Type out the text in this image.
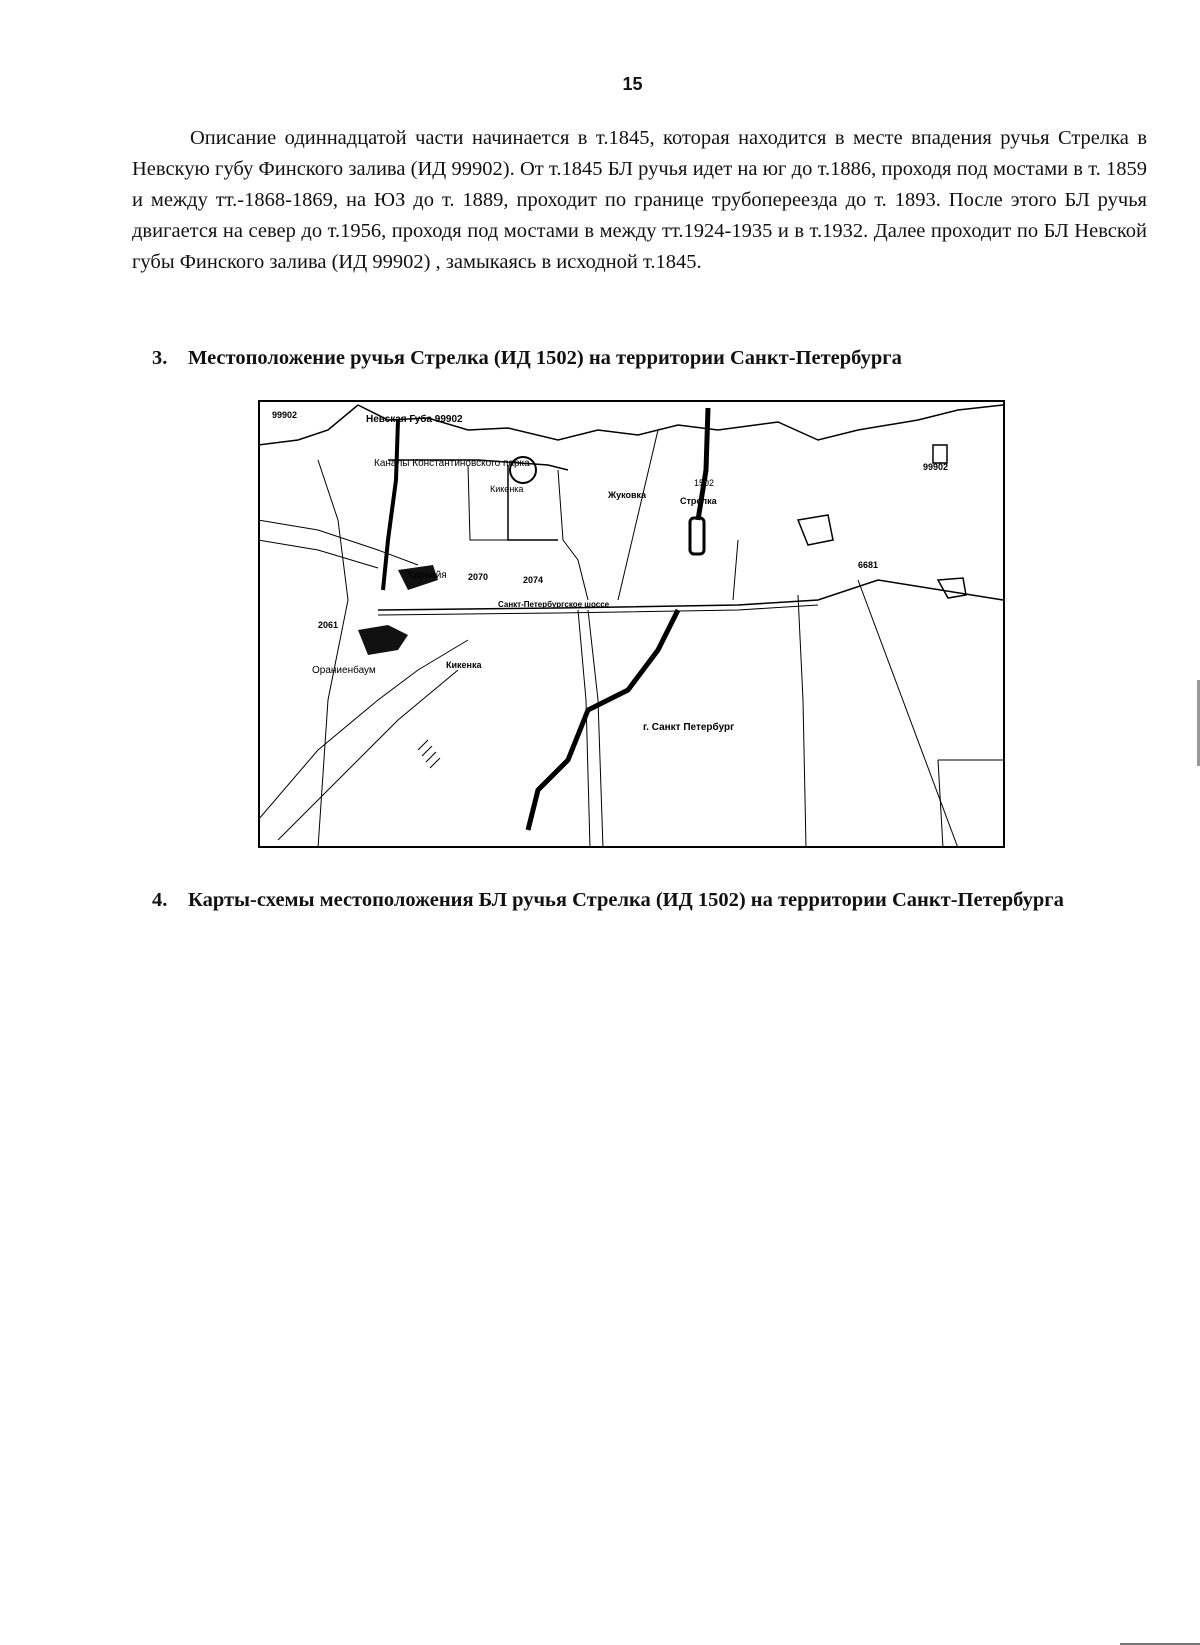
15

Описание одиннадцатой части начинается в т.1845, которая находится в месте впадения ручья Стрелка в Невскую губу Финского залива (ИД 99902). От т.1845 БЛ ручья идет на юг до т.1886, проходя под мостами в т. 1859 и между тт.-1868-1869, на ЮЗ до т. 1889, проходит по границе трубопереезда до т. 1893. После этого БЛ ручья двигается на север до т.1956, проходя под мостами в между тт.1924-1935 и в т.1932. Далее проходит по БЛ Невской губы Финского залива (ИД 99902) , замыкаясь в исходной т.1845.

3. Местоположение ручья Стрелка (ИД 1502) на территории Санкт-Петербурга
99902	Невская Губа 99902
Каналы Константиновского парка
Кикенка
Жуковка
1502
Стрелка
99902
Карвайя 2070	2074
Санкт-Петербургское шоссе
6681
2061
Ораниенбаум	Кикенка
г. Санкт Петербург
4. Карты-схемы местоположения БЛ ручья Стрелка (ИД 1502) на территории Санкт-Петербурга
